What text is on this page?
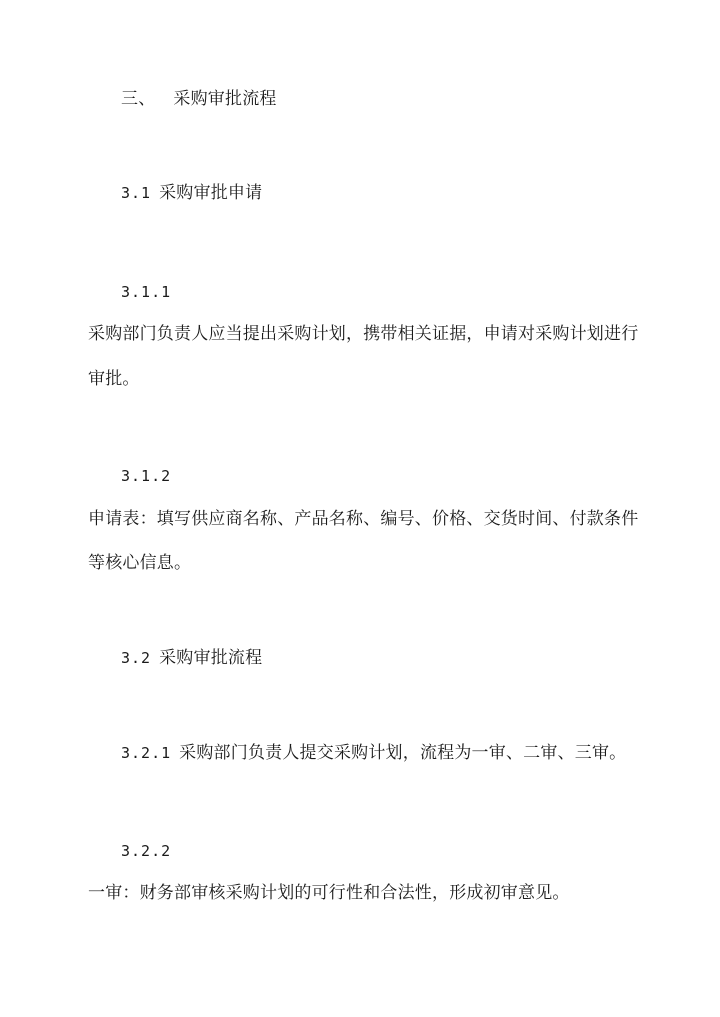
三、 采购审批流程
3.1 采购审批申请
3.1.1
采购部门负责人应当提出采购计划，携带相关证据，申请对采购计划进行
审批。
3.1.2
申请表：填写供应商名称、产品名称、编号、价格、交货时间、付款条件
等核心信息。
3.2 采购审批流程
3.2.1 采购部门负责人提交采购计划，流程为一审、二审、三审。
3.2.2
一审：财务部审核采购计划的可行性和合法性，形成初审意见。
